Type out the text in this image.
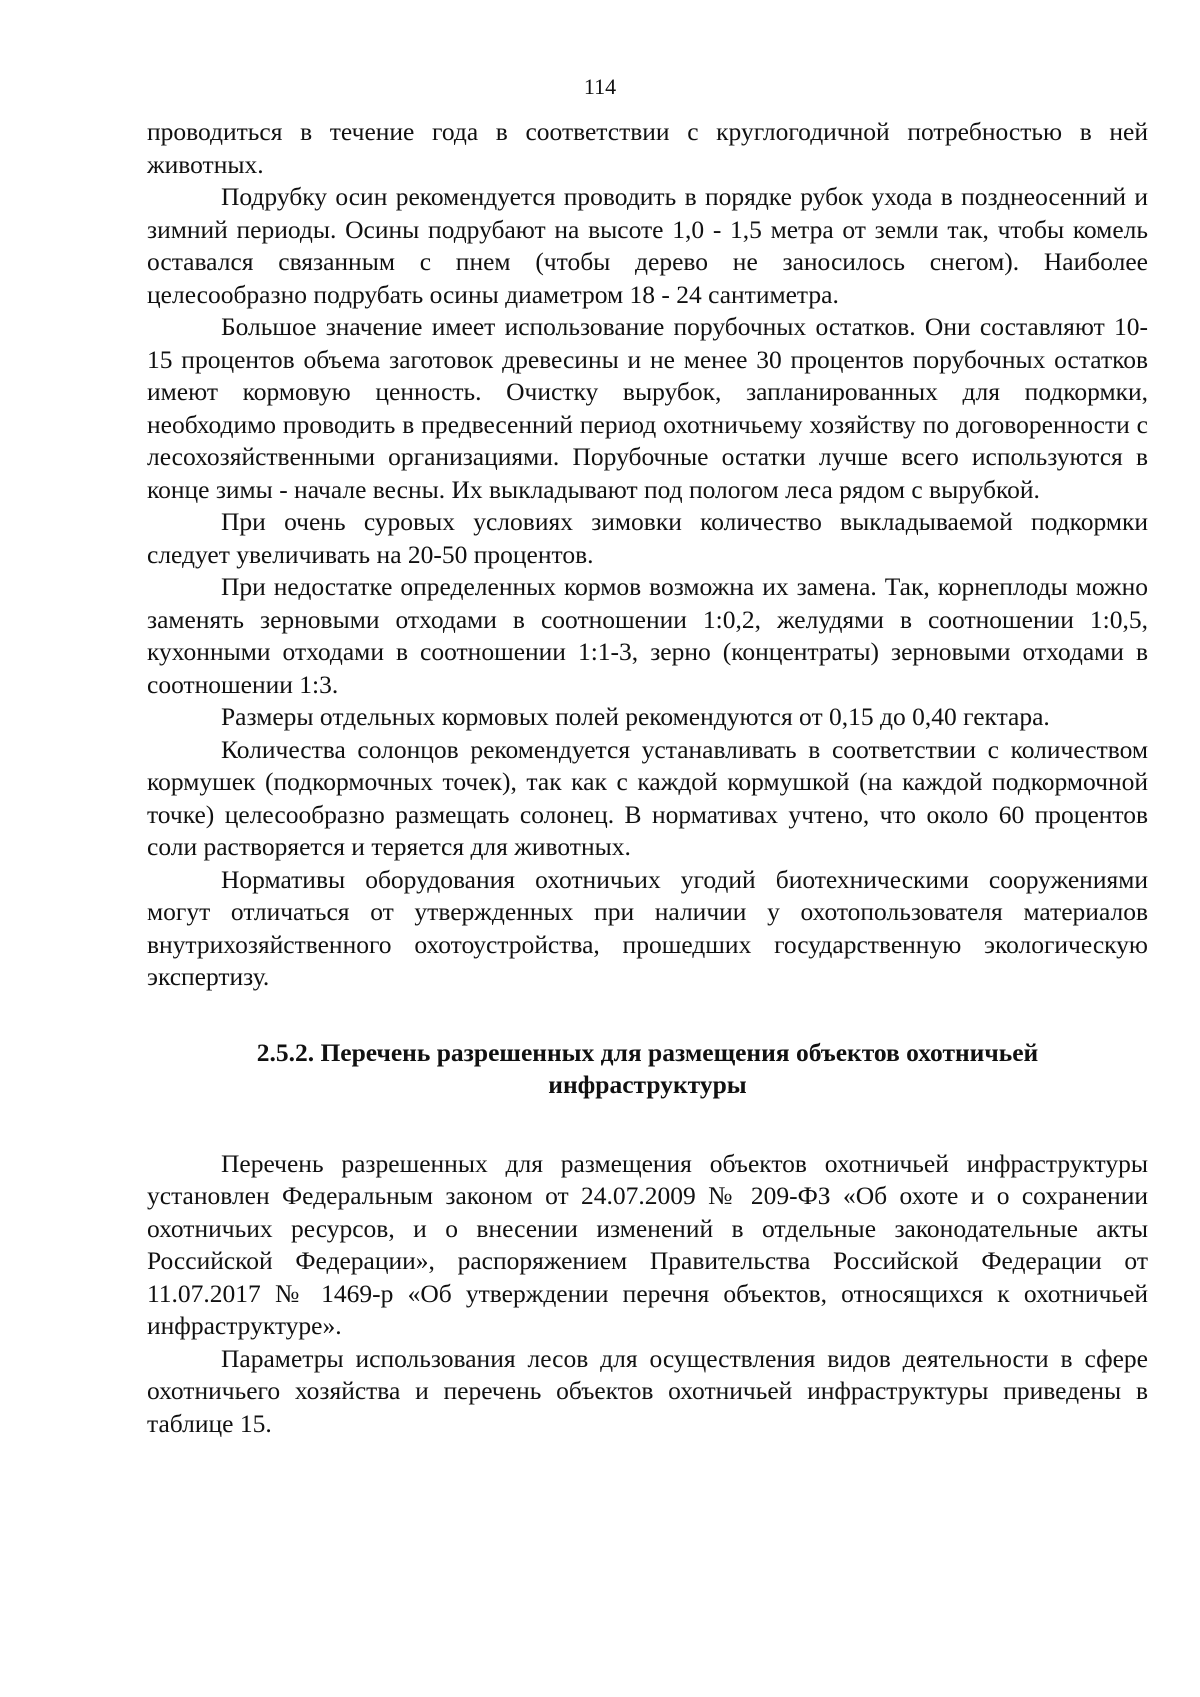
114

проводиться в течение года в соответствии с круглогодичной потребностью в ней животных.

Подрубку осин рекомендуется проводить в порядке рубок ухода в позднеосенний и зимний периоды. Осины подрубают на высоте 1,0 - 1,5 метра от земли так, чтобы комель оставался связанным с пнем (чтобы дерево не заносилось снегом). Наиболее целесообразно подрубать осины диаметром 18 - 24 сантиметра.

Большое значение имеет использование порубочных остатков. Они составляют 10-15 процентов объема заготовок древесины и не менее 30 процентов порубочных остатков имеют кормовую ценность. Очистку вырубок, запланированных для подкормки, необходимо проводить в предвесенний период охотничьему хозяйству по договоренности с лесохозяйственными организациями. Порубочные остатки лучше всего используются в конце зимы - начале весны. Их выкладывают под пологом леса рядом с вырубкой.

При очень суровых условиях зимовки количество выкладываемой подкормки следует увеличивать на 20-50 процентов.

При недостатке определенных кормов возможна их замена. Так, корнеплоды можно заменять зерновыми отходами в соотношении 1:0,2, желудями в соотношении 1:0,5, кухонными отходами в соотношении 1:1-3, зерно (концентраты) зерновыми отходами в соотношении 1:3.

Размеры отдельных кормовых полей рекомендуются от 0,15 до 0,40 гектара.

Количества солонцов рекомендуется устанавливать в соответствии с количеством кормушек (подкормочных точек), так как с каждой кормушкой (на каждой подкормочной точке) целесообразно размещать солонец. В нормативах учтено, что около 60 процентов соли растворяется и теряется для животных.

Нормативы оборудования охотничьих угодий биотехническими сооружениями могут отличаться от утвержденных при наличии у охотопользователя материалов внутрихозяйственного охотоустройства, прошедших государственную экологическую экспертизу.

2.5.2. Перечень разрешенных для размещения объектов охотничьей
инфраструктуры

Перечень разрешенных для размещения объектов охотничьей инфраструктуры установлен Федеральным законом от 24.07.2009 № 209-ФЗ «Об охоте и о сохранении охотничьих ресурсов, и о внесении изменений в отдельные законодательные акты Российской Федерации», распоряжением Правительства Российской Федерации от 11.07.2017 № 1469-р «Об утверждении перечня объектов, относящихся к охотничьей инфраструктуре».

Параметры использования лесов для осуществления видов деятельности в сфере охотничьего хозяйства и перечень объектов охотничьей инфраструктуры приведены в таблице 15.
